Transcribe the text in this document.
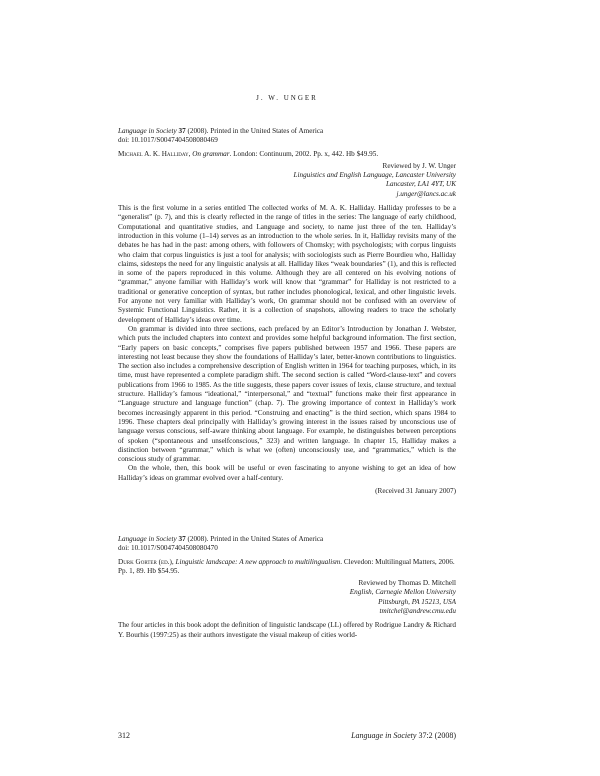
J. W. UNGER

Language in Society 37 (2008). Printed in the United States of America

doi: 10.1017/S0047404508080469

Michael A. K. Halliday, On grammar. London: Continuum, 2002. Pp. x, 442. Hb $49.95.

Reviewed by J. W. Unger
Linguistics and English Language, Lancaster University
Lancaster, LA1 4YT, UK
j.unger@lancs.ac.uk

This is the first volume in a series entitled The collected works of M. A. K. Halliday. Halliday professes to be a “generalist” (p. 7), and this is clearly reflected in the range of titles in the series: The language of early childhood, Computational and quantitative studies, and Language and society, to name just three of the ten. Halliday’s introduction in this volume (1–14) serves as an introduction to the whole series. In it, Halliday revisits many of the debates he has had in the past: among others, with followers of Chomsky; with psychologists; with corpus linguists who claim that corpus linguistics is just a tool for analysis; with sociologists such as Pierre Bourdieu who, Halliday claims, sidesteps the need for any linguistic analysis at all. Halliday likes “weak boundaries” (1), and this is reflected in some of the papers reproduced in this volume. Although they are all centered on his evolving notions of “grammar,” anyone familiar with Halliday’s work will know that “grammar” for Halliday is not restricted to a traditional or generative conception of syntax, but rather includes phonological, lexical, and other linguistic levels. For anyone not very familiar with Halliday’s work, On grammar should not be confused with an overview of Systemic Functional Linguistics. Rather, it is a collection of snapshots, allowing readers to trace the scholarly development of Halliday’s ideas over time.

On grammar is divided into three sections, each prefaced by an Editor’s Introduction by Jonathan J. Webster, which puts the included chapters into context and provides some helpful background information. The first section, “Early papers on basic concepts,” comprises five papers published between 1957 and 1966. These papers are interesting not least because they show the foundations of Halliday’s later, better-known contributions to linguistics. The section also includes a comprehensive description of English written in 1964 for teaching purposes, which, in its time, must have represented a complete paradigm shift. The second section is called “Word-clause-text” and covers publications from 1966 to 1985. As the title suggests, these papers cover issues of lexis, clause structure, and textual structure. Halliday’s famous “ideational,” “interpersonal,” and “textual” functions make their first appearance in “Language structure and language function” (chap. 7). The growing importance of context in Halliday’s work becomes increasingly apparent in this period. “Construing and enacting” is the third section, which spans 1984 to 1996. These chapters deal principally with Halliday’s growing interest in the issues raised by unconscious use of language versus conscious, self-aware thinking about language. For example, he distinguishes between perceptions of spoken (“spontaneous and unselfconscious,” 323) and written language. In chapter 15, Halliday makes a distinction between “grammar,” which is what we (often) unconsciously use, and “grammatics,” which is the conscious study of grammar.

On the whole, then, this book will be useful or even fascinating to anyone wishing to get an idea of how Halliday’s ideas on grammar evolved over a half-century.

(Received 31 January 2007)

Language in Society 37 (2008). Printed in the United States of America

doi: 10.1017/S0047404508080470

Durk Gorter (ed.), Linguistic landscape: A new approach to multilingualism. Clevedon: Multilingual Matters, 2006. Pp. 1, 89. Hb $54.95.

Reviewed by Thomas D. Mitchell
English, Carnegie Mellon University
Pittsburgh, PA 15213, USA
tmitchel@andrew.cmu.edu

The four articles in this book adopt the definition of linguistic landscape (LL) offered by Rodrigue Landry & Richard Y. Bourhis (1997:25) as their authors investigate the visual makeup of cities world-

312	Language in Society 37:2 (2008)
